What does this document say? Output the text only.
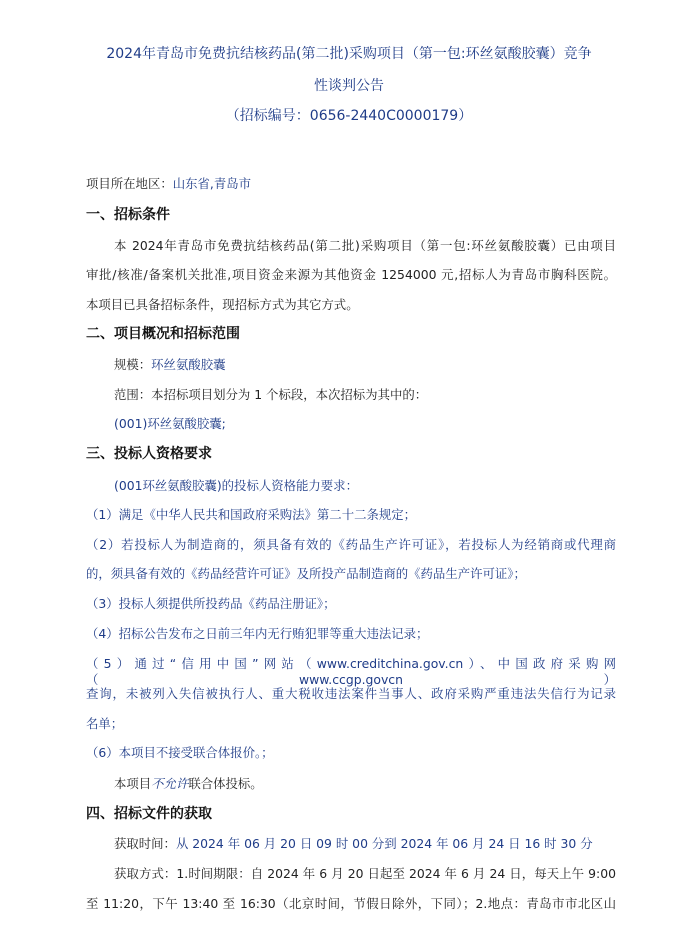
2024年青岛市免费抗结核药品(第二批)采购项目（第一包:环丝氨酸胶囊）竞争
性谈判公告
（招标编号：0656-2440C0000179）
项目所在地区：山东省,青岛市
一、招标条件
本 2024年青岛市免费抗结核药品(第二批)采购项目（第一包:环丝氨酸胶囊）已由项目
审批/核准/备案机关批准,项目资金来源为其他资金 1254000 元,招标人为青岛市胸科医院。
本项目已具备招标条件，现招标方式为其它方式。
二、项目概况和招标范围
规模：环丝氨酸胶囊
范围：本招标项目划分为 1 个标段，本次招标为其中的：
(001)环丝氨酸胶囊;
三、投标人资格要求
(001环丝氨酸胶囊)的投标人资格能力要求：
（1）满足《中华人民共和国政府采购法》第二十二条规定；
（2）若投标人为制造商的，须具备有效的《药品生产许可证》，若投标人为经销商或代理商
的，须具备有效的《药品经营许可证》及所投产品制造商的《药品生产许可证》；
（3）投标人须提供所投药品《药品注册证》；
（4）招标公告发布之日前三年内无行贿犯罪等重大违法记录；
（5）通过“信用中国”网站（www.creditchina.gov.cn）、中国政府采购网（www.ccgp.govcn）
查询，未被列入失信被执行人、重大税收违法案件当事人、政府采购严重违法失信行为记录
名单；
（6）本项目不接受联合体报价。；
本项目不允许联合体投标。
四、招标文件的获取
获取时间：从 2024 年 06 月 20 日 09 时 00 分到 2024 年 06 月 24 日 16 时 30 分
获取方式：1.时间期限：自 2024 年 6 月 20 日起至 2024 年 6 月 24 日，每天上午 9:00
至 11:20，下午 13:40 至 16:30（北京时间，节假日除外，下同）；2.地点：青岛市市北区山
